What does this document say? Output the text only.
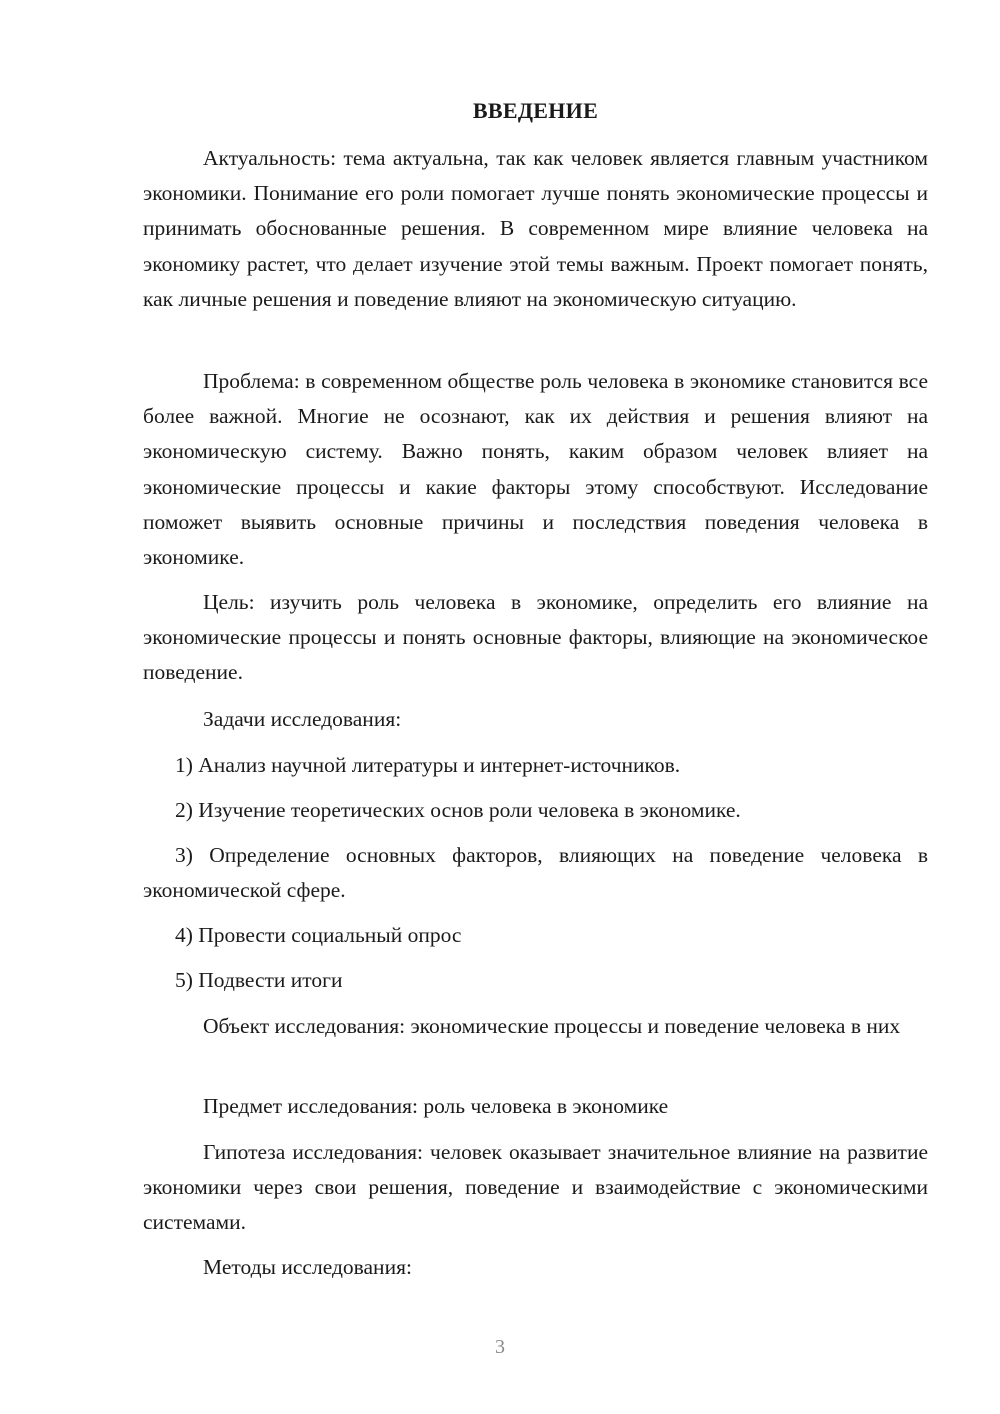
ВВЕДЕНИЕ

Актуальность: тема актуальна, так как человек является главным участником экономики. Понимание его роли помогает лучше понять экономические процессы и принимать обоснованные решения. В современном мире влияние человека на экономику растет, что делает изучение этой темы важным. Проект помогает понять, как личные решения и поведение влияют на экономическую ситуацию.

Проблема: в современном обществе роль человека в экономике становится все более важной. Многие не осознают, как их действия и решения влияют на экономическую систему. Важно понять, каким образом человек влияет на экономические процессы и какие факторы этому способствуют. Исследование поможет выявить основные причины и последствия поведения человека в экономике.

Цель: изучить роль человека в экономике, определить его влияние на экономические процессы и понять основные факторы, влияющие на экономическое поведение.

Задачи исследования:

1) Анализ научной литературы и интернет-источников.

2) Изучение теоретических основ роли человека в экономике.

3) Определение основных факторов, влияющих на поведение человека в экономической сфере.

4) Провести социальный опрос

5) Подвести итоги

Объект исследования: экономические процессы и поведение человека в них

Предмет исследования: роль человека в экономике

Гипотеза исследования: человек оказывает значительное влияние на развитие экономики через свои решения, поведение и взаимодействие с экономическими системами.

Методы исследования:

3
